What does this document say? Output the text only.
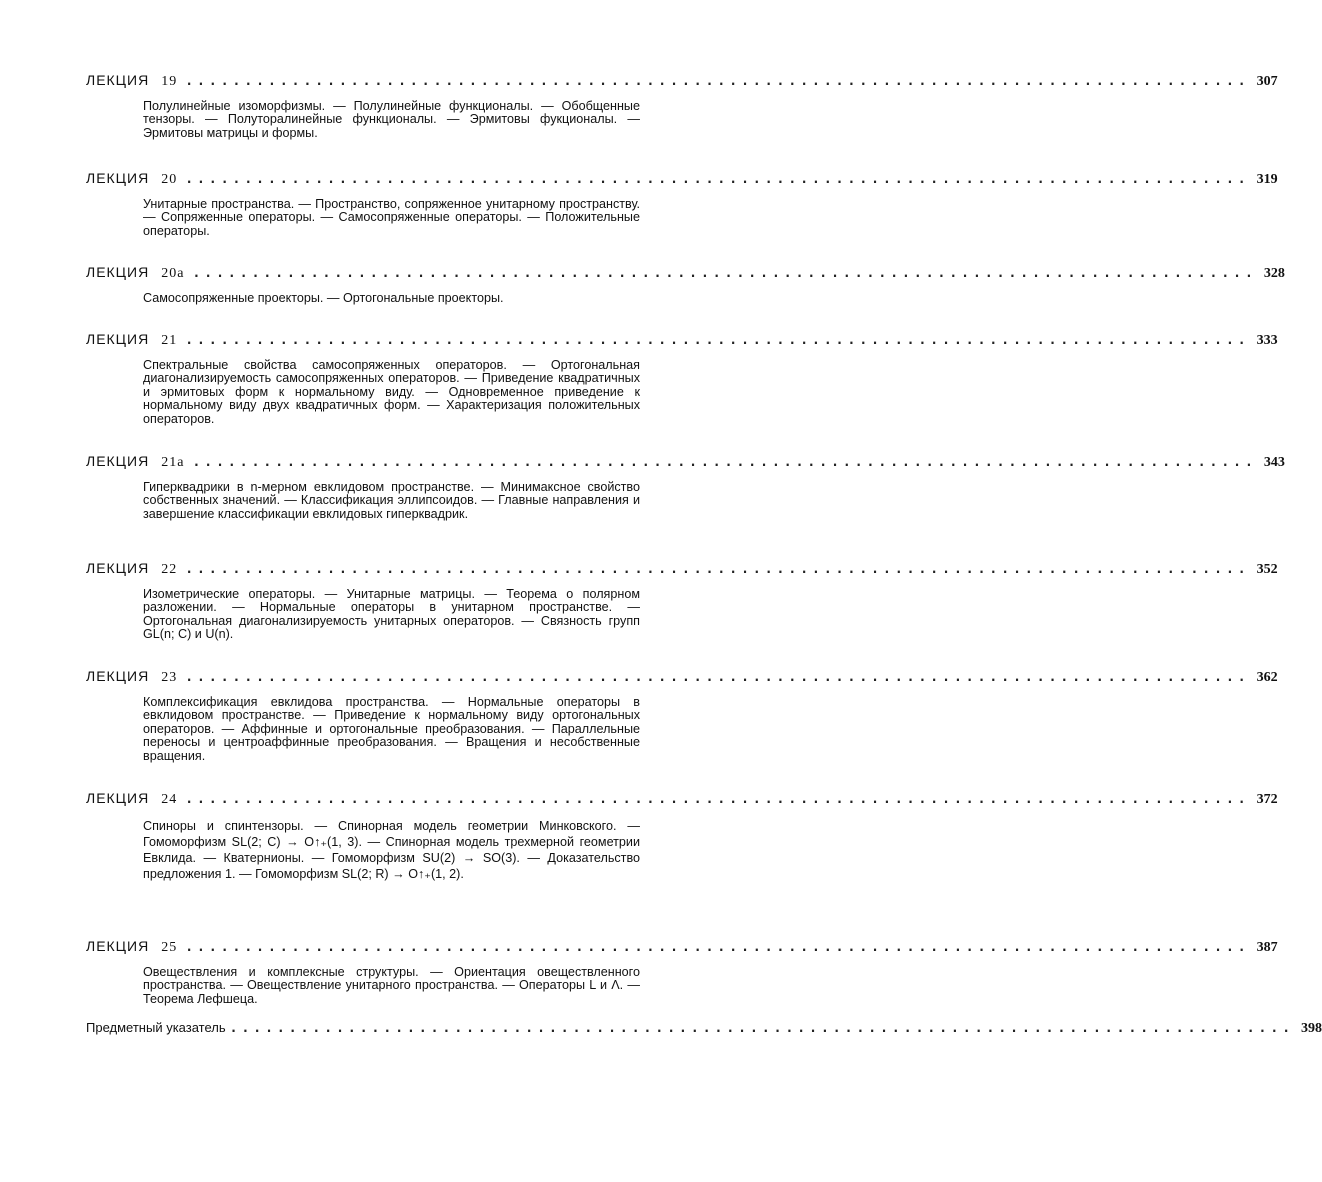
ЛЕКЦИЯ 19 .......................................................................................... 307
Полулинейные изоморфизмы. — Полулинейные функционалы. — Обобщенные тензоры. — Полуторалинейные функционалы. — Эрмитовы фукционалы. — Эрмитовы матрицы и формы.
ЛЕКЦИЯ 20 .......................................................................................... 319
Унитарные пространства. — Пространство, сопряженное унитарному пространству. — Сопряженные операторы. — Самосопряженные операторы. — Положительные операторы.
ЛЕКЦИЯ 20а .......................................................................................... 328
Самосопряженные проекторы. — Ортогональные проекторы.
ЛЕКЦИЯ 21 .......................................................................................... 333
Спектральные свойства самосопряженных операторов. — Ортогональная диагонализируемость самосопряженных операторов. — Приведение квадратичных и эрмитовых форм к нормальному виду. — Одновременное приведение к нормальному виду двух квадратичных форм. — Характеризация положительных операторов.
ЛЕКЦИЯ 21а .......................................................................................... 343
Гиперквадрики в n-мерном евклидовом пространстве. — Минимаксное свойство собственных значений. — Классификация эллипсоидов. — Главные направления и завершение классификации евклидовых гиперквадрик.
ЛЕКЦИЯ 22 .......................................................................................... 352
Изометрические операторы. — Унитарные матрицы. — Теорема о полярном разложении. — Нормальные операторы в унитарном пространстве. — Ортогональная диагонализируемость унитарных операторов. — Связность групп GL(n; C) и U(n).
ЛЕКЦИЯ 23 .......................................................................................... 362
Комплексификация евклидова пространства. — Нормальные операторы в евклидовом пространстве. — Приведение к нормальному виду ортогональных операторов. — Аффинные и ортогональные преобразования. — Параллельные переносы и центроаффинные преобразования. — Вращения и несобственные вращения.
ЛЕКЦИЯ 24 .......................................................................................... 372
Спиноры и спинтензоры. — Спинорная модель геометрии Минковского. — Гомоморфизм SL(2; C) → O↑₊(1, 3). — Спинорная модель трехмерной геометрии Евклида. — Кватернионы. — Гомоморфизм SU(2) → SO(3). — Доказательство предложения 1. — Гомоморфизм SL(2; R) → O↑₊(1, 2).
ЛЕКЦИЯ 25 .......................................................................................... 387
Овеществления и комплексные структуры. — Ориентация овеществленного пространства. — Овеществление унитарного пространства. — Операторы L и Λ. — Теорема Лефшеца.
Предметный указатель .......................................................................................... 398
